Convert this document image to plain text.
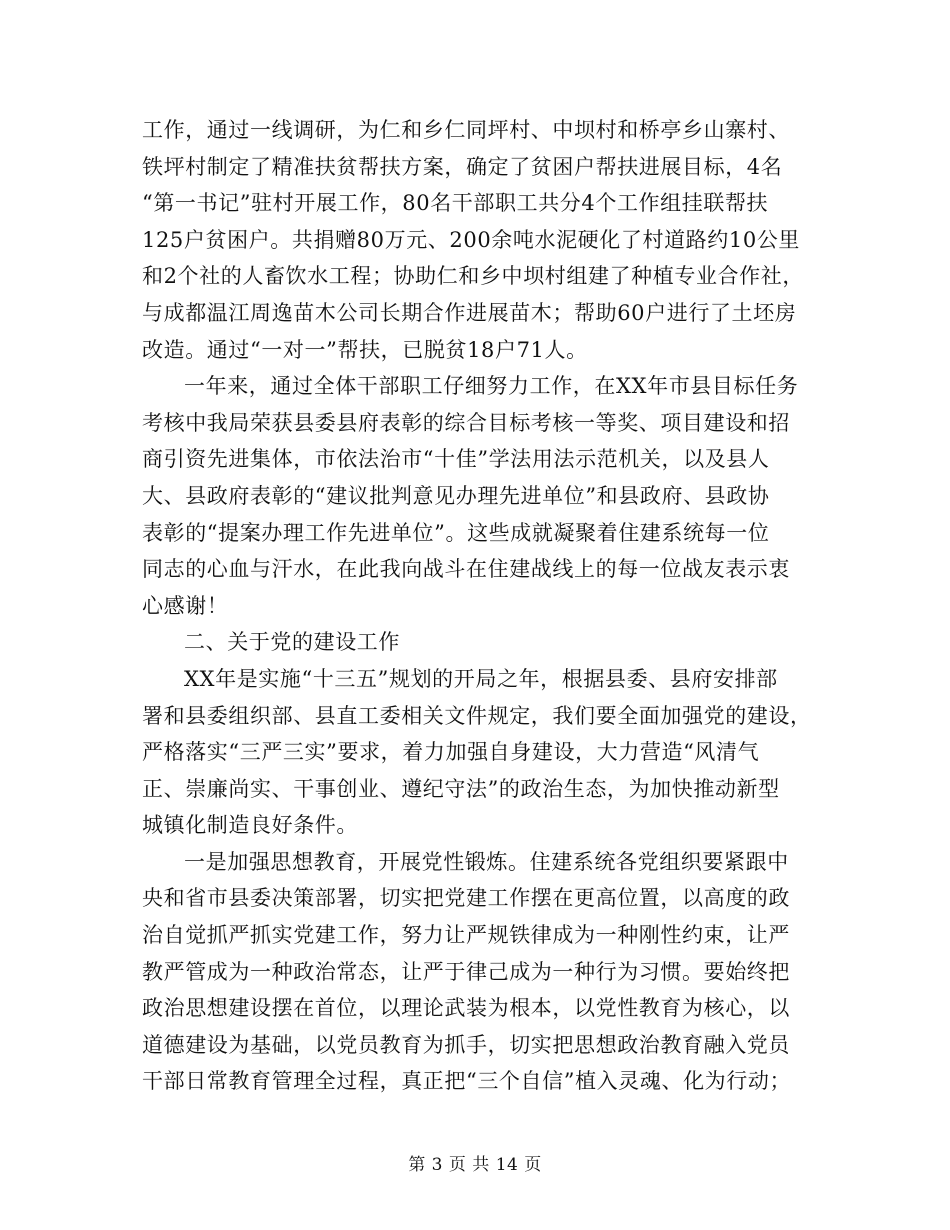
工作，通过一线调研，为仁和乡仁同坪村、中坝村和桥亭乡山寨村、
铁坪村制定了精准扶贫帮扶方案，确定了贫困户帮扶进展目标，4名
“第一书记”驻村开展工作，80名干部职工共分4个工作组挂联帮扶
125户贫困户。共捐赠80万元、200余吨水泥硬化了村道路约10公里
和2个社的人畜饮水工程；协助仁和乡中坝村组建了种植专业合作社，
与成都温江周逸苗木公司长期合作进展苗木；帮助60户进行了土坯房
改造。通过“一对一”帮扶，已脱贫18户71人。
一年来，通过全体干部职工仔细努力工作，在XX年市县目标任务
考核中我局荣获县委县府表彰的综合目标考核一等奖、项目建设和招
商引资先进集体，市依法治市“十佳”学法用法示范机关，以及县人
大、县政府表彰的“建议批判意见办理先进单位”和县政府、县政协
表彰的“提案办理工作先进单位”。这些成就凝聚着住建系统每一位
同志的心血与汗水，在此我向战斗在住建战线上的每一位战友表示衷
心感谢！
二、关于党的建设工作
XX年是实施“十三五”规划的开局之年，根据县委、县府安排部
署和县委组织部、县直工委相关文件规定，我们要全面加强党的建设，
严格落实“三严三实”要求，着力加强自身建设，大力营造“风清气
正、崇廉尚实、干事创业、遵纪守法”的政治生态，为加快推动新型
城镇化制造良好条件。
一是加强思想教育，开展党性锻炼。住建系统各党组织要紧跟中
央和省市县委决策部署，切实把党建工作摆在更高位置，以高度的政
治自觉抓严抓实党建工作，努力让严规铁律成为一种刚性约束，让严
教严管成为一种政治常态，让严于律己成为一种行为习惯。要始终把
政治思想建设摆在首位，以理论武装为根本，以党性教育为核心，以
道德建设为基础，以党员教育为抓手，切实把思想政治教育融入党员
干部日常教育管理全过程，真正把“三个自信”植入灵魂、化为行动；
第 3 页 共 14 页
